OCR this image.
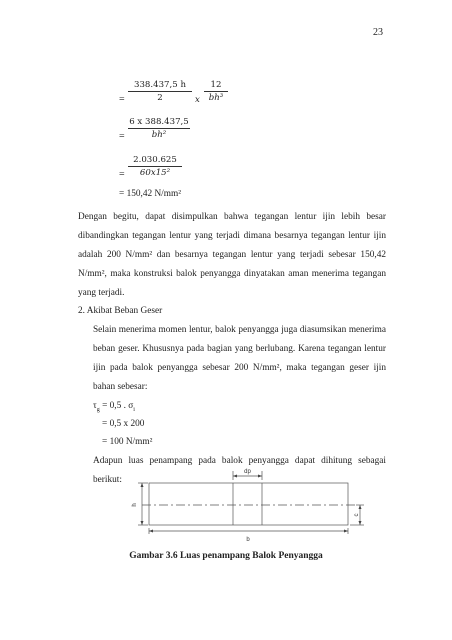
23
= $\frac{338.437,5 h}{2}$ x $\frac{12}{\text{bh³}}$
= $\frac{6 x 388.437,5}{\text{bh²}}$
= $\frac{2.030.625}{\text{60x15²}}$
= 150,42 N/mm²
Dengan begitu, dapat disimpulkan bahwa tegangan lentur ijin lebih besar dibandingkan tegangan lentur yang terjadi dimana besarnya tegangan lentur ijin adalah 200 N/mm² dan besarnya tegangan lentur yang terjadi sebesar 150,42 N/mm², maka konstruksi balok penyangga dinyatakan aman menerima tegangan yang terjadi.
2. Akibat Beban Geser
Selain menerima momen lentur, balok penyangga juga diasumsikan menerima beban geser. Khususnya pada bagian yang berlubang. Karena tegangan lentur ijin pada balok penyangga sebesar 200 N/mm², maka tegangan geser ijin bahan sebesar:
$\tau_g = 0,5$ . $\sigma_i$
= 0,5 x 200
= 100 N/mm²
Adapun luas penampang pada balok penyangga dapat dihitung sebagai berikut:
dp
h
c
b
Gambar 3.6 Luas penampang Balok Penyangga
